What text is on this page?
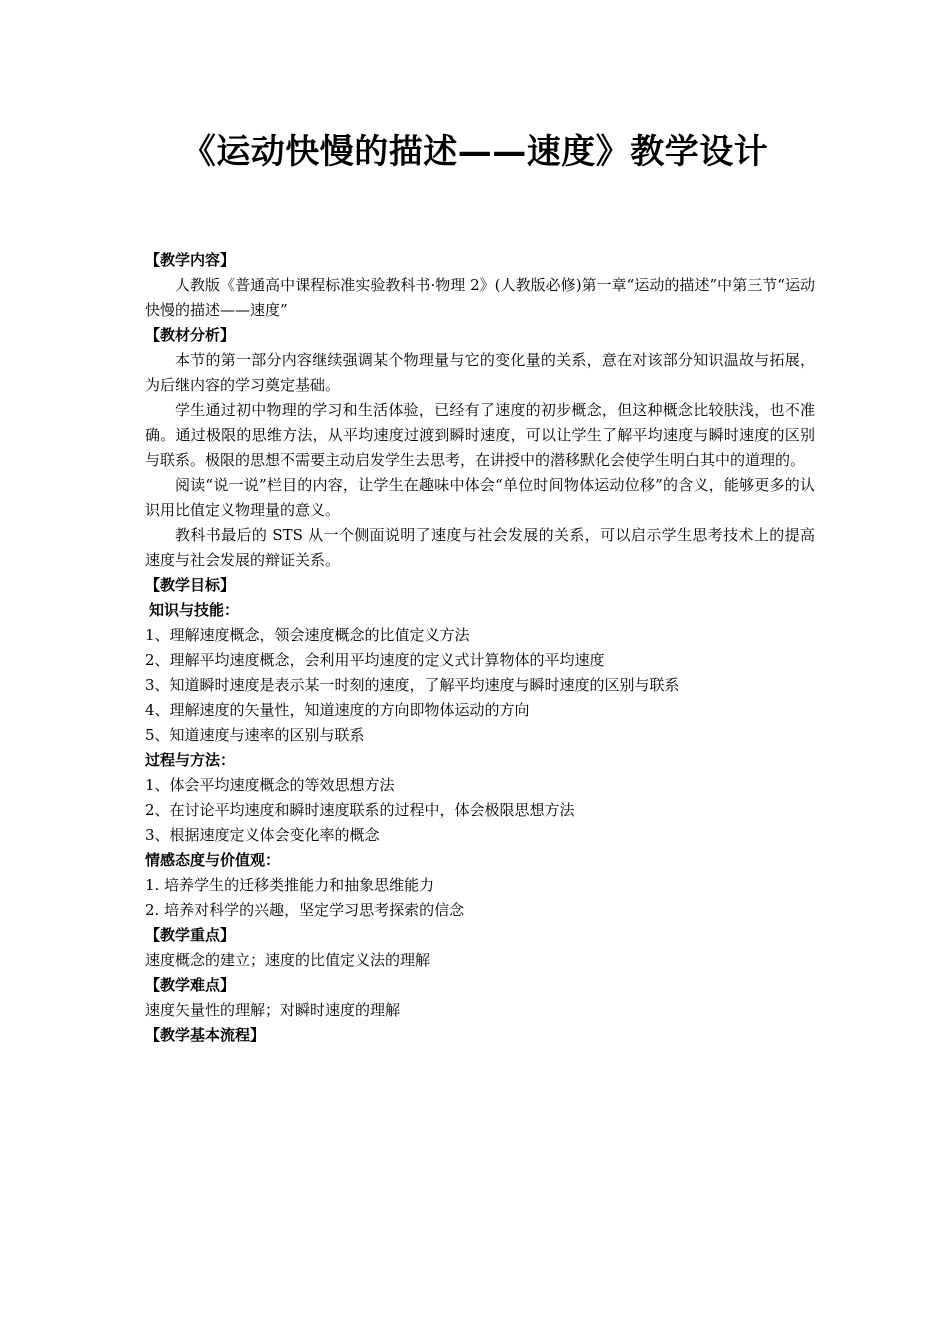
《运动快慢的描述——速度》教学设计

【教学内容】

人教版《普通高中课程标准实验教科书·物理 2》(人教版必修)第一章“运动的描述”中第三节“运动快慢的描述——速度”

【教材分析】

本节的第一部分内容继续强调某个物理量与它的变化量的关系，意在对该部分知识温故与拓展，为后继内容的学习奠定基础。

学生通过初中物理的学习和生活体验，已经有了速度的初步概念，但这种概念比较肤浅，也不准确。通过极限的思维方法，从平均速度过渡到瞬时速度，可以让学生了解平均速度与瞬时速度的区别与联系。极限的思想不需要主动启发学生去思考，在讲授中的潜移默化会使学生明白其中的道理的。

阅读“说一说”栏目的内容，让学生在趣味中体会“单位时间物体运动位移”的含义，能够更多的认识用比值定义物理量的意义。

教科书最后的 STS 从一个侧面说明了速度与社会发展的关系，可以启示学生思考技术上的提高速度与社会发展的辩证关系。

【教学目标】

知识与技能：

1、理解速度概念，领会速度概念的比值定义方法

2、理解平均速度概念，会利用平均速度的定义式计算物体的平均速度

3、知道瞬时速度是表示某一时刻的速度，了解平均速度与瞬时速度的区别与联系

4、理解速度的矢量性，知道速度的方向即物体运动的方向

5、知道速度与速率的区别与联系

过程与方法：

1、体会平均速度概念的等效思想方法

2、在讨论平均速度和瞬时速度联系的过程中，体会极限思想方法

3、根据速度定义体会变化率的概念

情感态度与价值观：

1. 培养学生的迁移类推能力和抽象思维能力

2. 培养对科学的兴趣，坚定学习思考探索的信念

【教学重点】

速度概念的建立；速度的比值定义法的理解

【教学难点】

速度矢量性的理解；对瞬时速度的理解

【教学基本流程】
